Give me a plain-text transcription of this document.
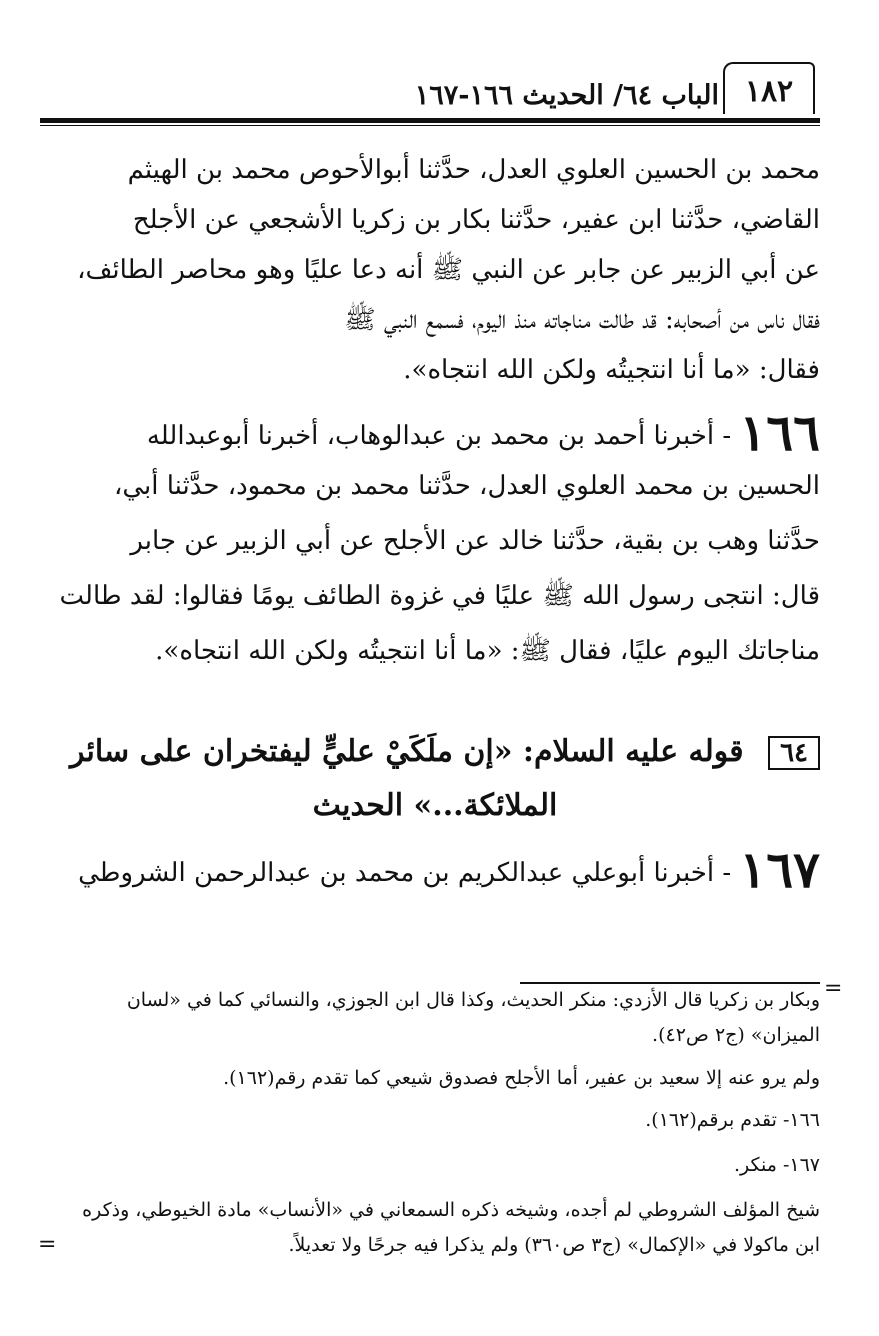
١٨٢
الباب ٦٤/ الحديث ١٦٦-١٦٧
محمد بن الحسين العلوي العدل، حدَّثنا أبوالأحوص محمد بن الهيثم
القاضي، حدَّثنا ابن عفير، حدَّثنا بكار بن زكريا الأشجعي عن الأجلح
عن أبي الزبير عن جابر عن النبي ﷺ أنه دعا عليًا وهو محاصر الطائف،
فقال ناس من أصحابه: قد طالت مناجاته منذ اليوم، فسمع النبي ﷺ
فقال: «ما أنا انتجيتُه ولكن الله انتجاه».
١٦٦ - أخبرنا أحمد بن محمد بن عبدالوهاب، أخبرنا أبوعبدالله
الحسين بن محمد العلوي العدل، حدَّثنا محمد بن محمود، حدَّثنا أبي،
حدَّثنا وهب بن بقية، حدَّثنا خالد عن الأجلح عن أبي الزبير عن جابر
قال: انتجى رسول الله ﷺ عليًا في غزوة الطائف يومًا فقالوا: لقد طالت
مناجاتك اليوم عليًا، فقال ﷺ: «ما أنا انتجيتُه ولكن الله انتجاه».
٦٤ قوله عليه السلام: «إن ملَكَيْ عليٍّ ليفتخران على سائر
الملائكة...» الحديث
١٦٧ - أخبرنا أبوعلي عبدالكريم بن محمد بن عبدالرحمن الشروطي
=
وبكار بن زكريا قال الأزدي: منكر الحديث، وكذا قال ابن الجوزي، والنسائي كما في «لسان
الميزان» (ج٢ ص٤٢).
ولم يرو عنه إلا سعيد بن عفير، أما الأجلح فصدوق شيعي كما تقدم رقم(١٦٢).
١٦٦- تقدم برقم(١٦٢).
١٦٧- منكر.
شيخ المؤلف الشروطي لم أجده، وشيخه ذكره السمعاني في «الأنساب» مادة الخيوطي، وذكره
ابن ماكولا في «الإكمال» (ج٣ ص٣٦٠) ولم يذكرا فيه جرحًا ولا تعديلاً.
=
